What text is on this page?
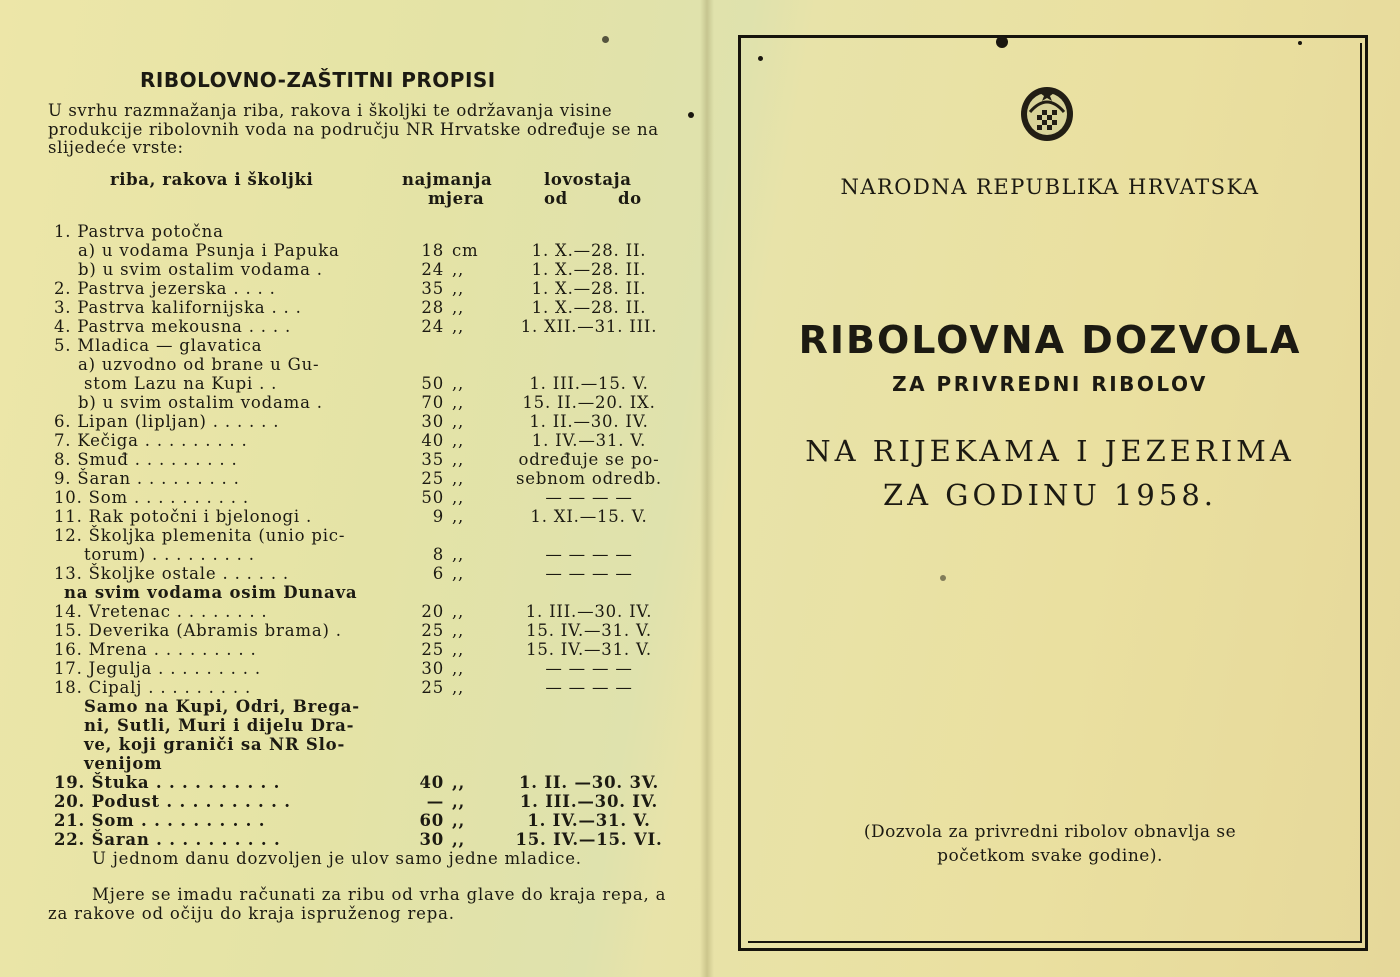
RIBOLOVNO-ZAŠTITNI PROPISI
U svrhu razmnažanja riba, rakova i školjki te održavanja visine produkcije ribolovnih voda na području NR Hrvatske određuje se na slijedeće vrste:
riba, rakova i školjki	najmanja
mjera
lovostaja
od	do
1. Pastrva potočna
a) u vodama Psunja i Papuka	18 cm	1. X.—28. II.
b) u svim ostalim vodama .	24 ,,	1. X.—28. II.
2. Pastrva jezerska . . . .	35 ,,	1. X.—28. II.
3. Pastrva kalifornijska . . .	28 ,,	1. X.—28. II.
4. Pastrva mekousna . . . .	24 ,,	1. XII.—31. III.
5. Mladica — glavatica
a) uzvodno od brane u Gu-
stom Lazu na Kupi . .	50 ,,	1. III.—15. V.
b) u svim ostalim vodama .	70 ,,	15. II.—20. IX.
6. Lipan (lipljan) . . . . . .	30 ,,	1. II.—30. IV.
7. Kečiga . . . . . . . . .	40 ,,	1. IV.—31. V.
8. Smuđ . . . . . . . . .	35 ,,	određuje se po-
9. Šaran . . . . . . . . .	25 ,,	sebnom odredb.
10. Som . . . . . . . . . .	50 ,,	— — — —
11. Rak potočni i bjelonogi .	9 ,,	1. XI.—15. V.
12. Školjka plemenita (unio pic-
torum) . . . . . . . . .	8 ,,	— — — —
13. Školjke ostale . . . . . .	6 ,,	— — — —
na svim vodama osim Dunava
14. Vretenac . . . . . . . .	20 ,,	1. III.—30. IV.
15. Deverika (Abramis brama) .	25 ,,	15. IV.—31. V.
16. Mrena . . . . . . . . .	25 ,,	15. IV.—31. V.
17. Jegulja . . . . . . . . .	30 ,,	— — — —
18. Cipalj . . . . . . . . .	25 ,,	— — — —
Samo na Kupi, Odri, Brega-
ni, Sutli, Muri i dijelu Dra-
ve, koji graniči sa NR Slo-
venijom
19. Štuka . . . . . . . . . .	40 ,,	1. II. —30. 3V.
20. Podust . . . . . . . . . .	— ,,	1. III.—30. IV.
21. Som . . . . . . . . . .	60 ,,	1. IV.—31. V.
22. Šaran . . . . . . . . . .	30 ,,	15. IV.—15. VI.
U jednom danu dozvoljen je ulov samo jedne mladice.
Mjere se imadu računati za ribu od vrha glave do kraja repa, a za rakove od očiju do kraja ispruženog repa.
NARODNA REPUBLIKA HRVATSKA
RIBOLOVNA DOZVOLA
ZA PRIVREDNI RIBOLOV
NA RIJEKAMA I JEZERIMA
ZA GODINU 1958.
(Dozvola za privredni ribolov obnavlja se
početkom svake godine).
